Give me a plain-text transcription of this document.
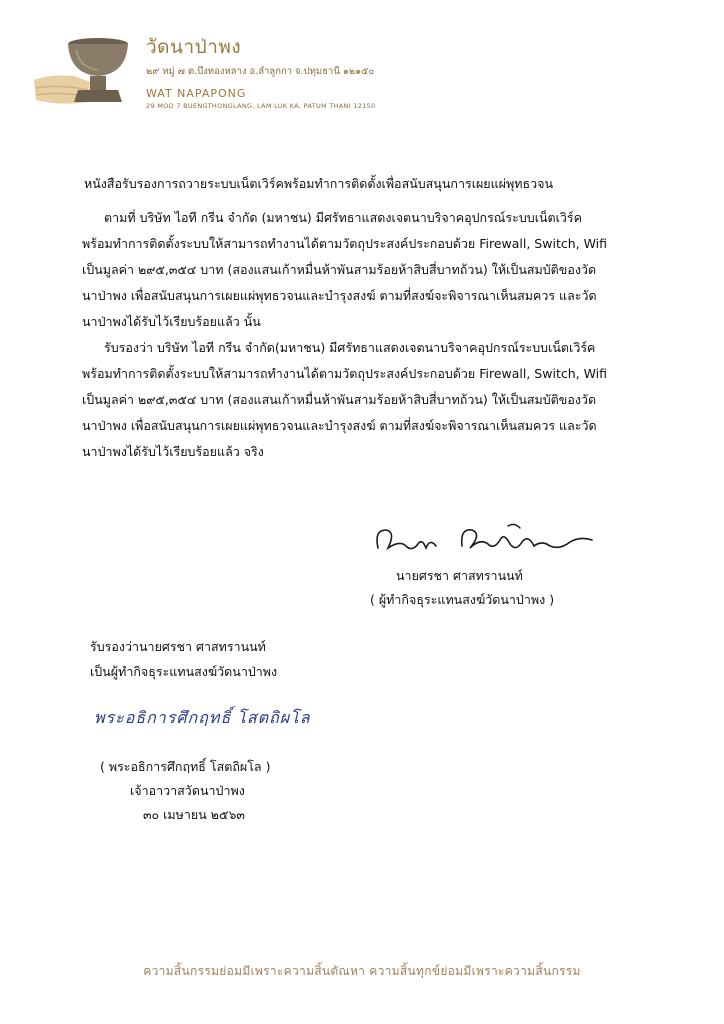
วัดนาป่าพง
๒๙ หมู่ ๗ ต.บึงทองหลาง อ.ลำลูกกา จ.ปทุมธานี ๑๒๑๕๐
WAT NAPAPONG
29 MOO 7 BUENGTHONGLANG, LAM LUK KA, PATUM THANI 12150
หนังสือรับรองการถวายระบบเน็ตเวิร์คพร้อมทำการติดตั้งเพื่อสนับสนุนการเผยแผ่พุทธวจน
ตามที่ บริษัท ไอที กรีน จำกัด (มหาชน) มีศรัทธาแสดงเจตนาบริจาคอุปกรณ์ระบบเน็ตเวิร์ค
พร้อมทำการติดตั้งระบบให้สามารถทำงานได้ตามวัตถุประสงค์ประกอบด้วย Firewall, Switch, Wifi
เป็นมูลค่า ๒๙๕,๓๕๔ บาท (สองแสนเก้าหมื่นห้าพันสามร้อยห้าสิบสี่บาทถ้วน) ให้เป็นสมบัติของวัด
นาป่าพง เพื่อสนับสนุนการเผยแผ่พุทธวจนและบำรุงสงฆ์ ตามที่สงฆ์จะพิจารณาเห็นสมควร และวัด
นาป่าพงได้รับไว้เรียบร้อยแล้ว นั้น
รับรองว่า บริษัท ไอที กรีน จำกัด(มหาชน) มีศรัทธาแสดงเจตนาบริจาคอุปกรณ์ระบบเน็ตเวิร์ค
พร้อมทำการติดตั้งระบบให้สามารถทำงานได้ตามวัตถุประสงค์ประกอบด้วย Firewall, Switch, Wifi
เป็นมูลค่า ๒๙๕,๓๕๔ บาท (สองแสนเก้าหมื่นห้าพันสามร้อยห้าสิบสี่บาทถ้วน) ให้เป็นสมบัติของวัด
นาป่าพง เพื่อสนับสนุนการเผยแผ่พุทธวจนและบำรุงสงฆ์ ตามที่สงฆ์จะพิจารณาเห็นสมควร และวัด
นาป่าพงได้รับไว้เรียบร้อยแล้ว จริง
นายศรชา ศาสทรานนท์
( ผู้ทำกิจธุระแทนสงฆ์วัดนาป่าพง )
รับรองว่านายศรชา ศาสทรานนท์
เป็นผู้ทำกิจธุระแทนสงฆ์วัดนาป่าพง
พระอธิการศึกฤทธิ์ โสตถิผโล
( พระอธิการศึกฤทธิ์ โสตถิผโล )
เจ้าอาวาสวัดนาป่าพง
๓๐ เมษายน ๒๕๖๓
ความสิ้นกรรมย่อมมีเพราะความสิ้นตัณหา ความสิ้นทุกข์ย่อมมีเพราะความสิ้นกรรม
